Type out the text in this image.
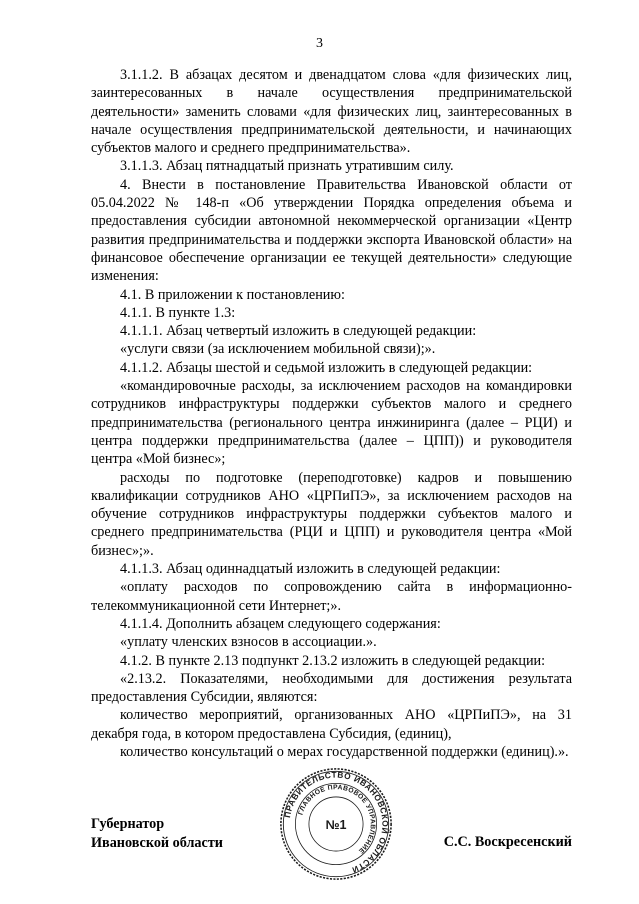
3

3.1.1.2. В абзацах десятом и двенадцатом слова «для физических лиц, заинтересованных в начале осуществления предпринимательской деятельности» заменить словами «для физических лиц, заинтересованных в начале осуществления предпринимательской деятельности, и начинающих субъектов малого и среднего предпринимательства».

3.1.1.3. Абзац пятнадцатый признать утратившим силу.

4. Внести в постановление Правительства Ивановской области от 05.04.2022 № 148-п «Об утверждении Порядка определения объема и предоставления субсидии автономной некоммерческой организации «Центр развития предпринимательства и поддержки экспорта Ивановской области» на финансовое обеспечение организации ее текущей деятельности» следующие изменения:

4.1. В приложении к постановлению:

4.1.1. В пункте 1.3:

4.1.1.1. Абзац четвертый изложить в следующей редакции:

«услуги связи (за исключением мобильной связи);».

4.1.1.2. Абзацы шестой и седьмой изложить в следующей редакции:

«командировочные расходы, за исключением расходов на командировки сотрудников инфраструктуры поддержки субъектов малого и среднего предпринимательства (регионального центра инжиниринга (далее – РЦИ) и центра поддержки предпринимательства (далее – ЦПП)) и руководителя центра «Мой бизнес»;

расходы по подготовке (переподготовке) кадров и повышению квалификации сотрудников АНО «ЦРПиПЭ», за исключением расходов на обучение сотрудников инфраструктуры поддержки субъектов малого и среднего предпринимательства (РЦИ и ЦПП) и руководителя центра «Мой бизнес»;».

4.1.1.3. Абзац одиннадцатый изложить в следующей редакции:

«оплату расходов по сопровождению сайта в информационно-телекоммуникационной сети Интернет;».

4.1.1.4. Дополнить абзацем следующего содержания:

«уплату членских взносов в ассоциации.».

4.1.2. В пункте 2.13 подпункт 2.13.2 изложить в следующей редакции:

«2.13.2. Показателями, необходимыми для достижения результата предоставления Субсидии, являются:

количество мероприятий, организованных АНО «ЦРПиПЭ», на 31 декабря года, в котором предоставлена Субсидия, (единиц),

количество консультаций о мерах государственной поддержки (единиц).».

Губернатор
Ивановской области	С.С. Воскресенский
ПРАВИТЕЛЬСТВО ИВАНОВСКОЙ ОБЛАСТИ
ГЛАВНОЕ ПРАВОВОЕ УПРАВЛЕНИЕ
№1
